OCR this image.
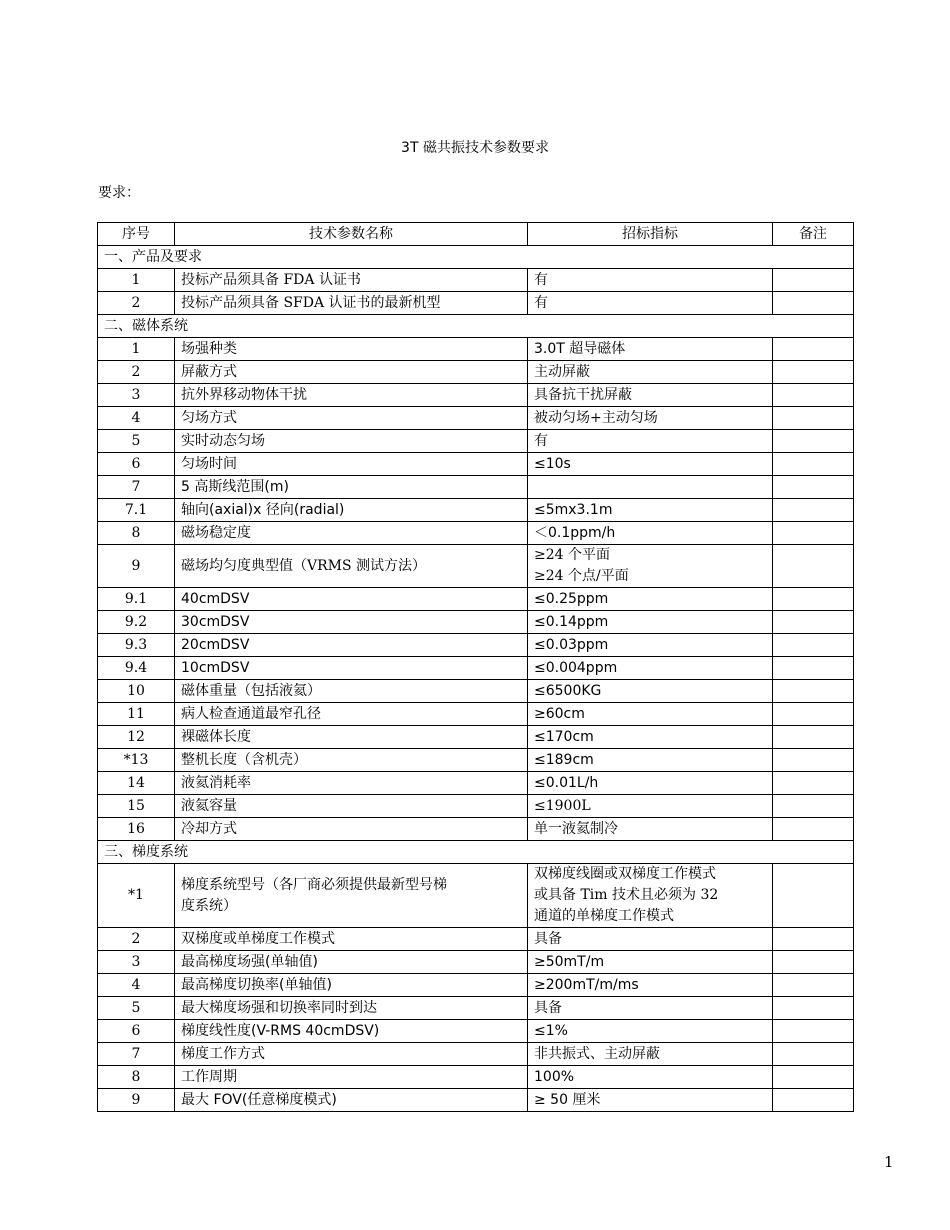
3T 磁共振技术参数要求
要求：
序号	技术参数名称	招标指标	备注
一、产品及要求			
1	投标产品须具备 FDA 认证书	有	
2	投标产品须具备 SFDA 认证书的最新机型	有	
二、磁体系统			
1	场强种类	3.0T 超导磁体	
2	屏蔽方式	主动屏蔽	
3	抗外界移动物体干扰	具备抗干扰屏蔽	
4	匀场方式	被动匀场+主动匀场	
5	实时动态匀场	有	
6	匀场时间	≤10s	
7	5 高斯线范围(m)		
7.1	轴向(axial)x 径向(radial)	≤5mx3.1m	
8	磁场稳定度	＜0.1ppm/h	
9	磁场均匀度典型值（VRMS 测试方法）	≥24 个平面
≥24 个点/平面	

9.1	40cmDSV	≤0.25ppm	
9.2	30cmDSV	≤0.14ppm	
9.3	20cmDSV	≤0.03ppm	
9.4	10cmDSV	≤0.004ppm	
10	磁体重量（包括液氦）	≤6500KG	
11	病人检查通道最窄孔径	≥60cm	
12	裸磁体长度	≤170cm	
*13	整机长度（含机壳）	≤189cm	
14	液氦消耗率	≤0.01L/h	
15	液氦容量	≤1900L	
16	冷却方式	单一液氦制冷	
三、梯度系统			
*1	梯度系统型号（各厂商必须提供最新型号梯
度系统）	双梯度线圈或双梯度工作模式
或具备 Tim 技术且必须为 32
通道的单梯度工作模式	

2	双梯度或单梯度工作模式	具备	
3	最高梯度场强(单轴值)	≥50mT/m	
4	最高梯度切换率(单轴值)	≥200mT/m/ms	
5	最大梯度场强和切换率同时到达	具备	
6	梯度线性度(V-RMS 40cmDSV)	≤1%	
7	梯度工作方式	非共振式、主动屏蔽	
8	工作周期	100%	
9	最大 FOV(任意梯度模式)	≥ 50 厘米	
1
